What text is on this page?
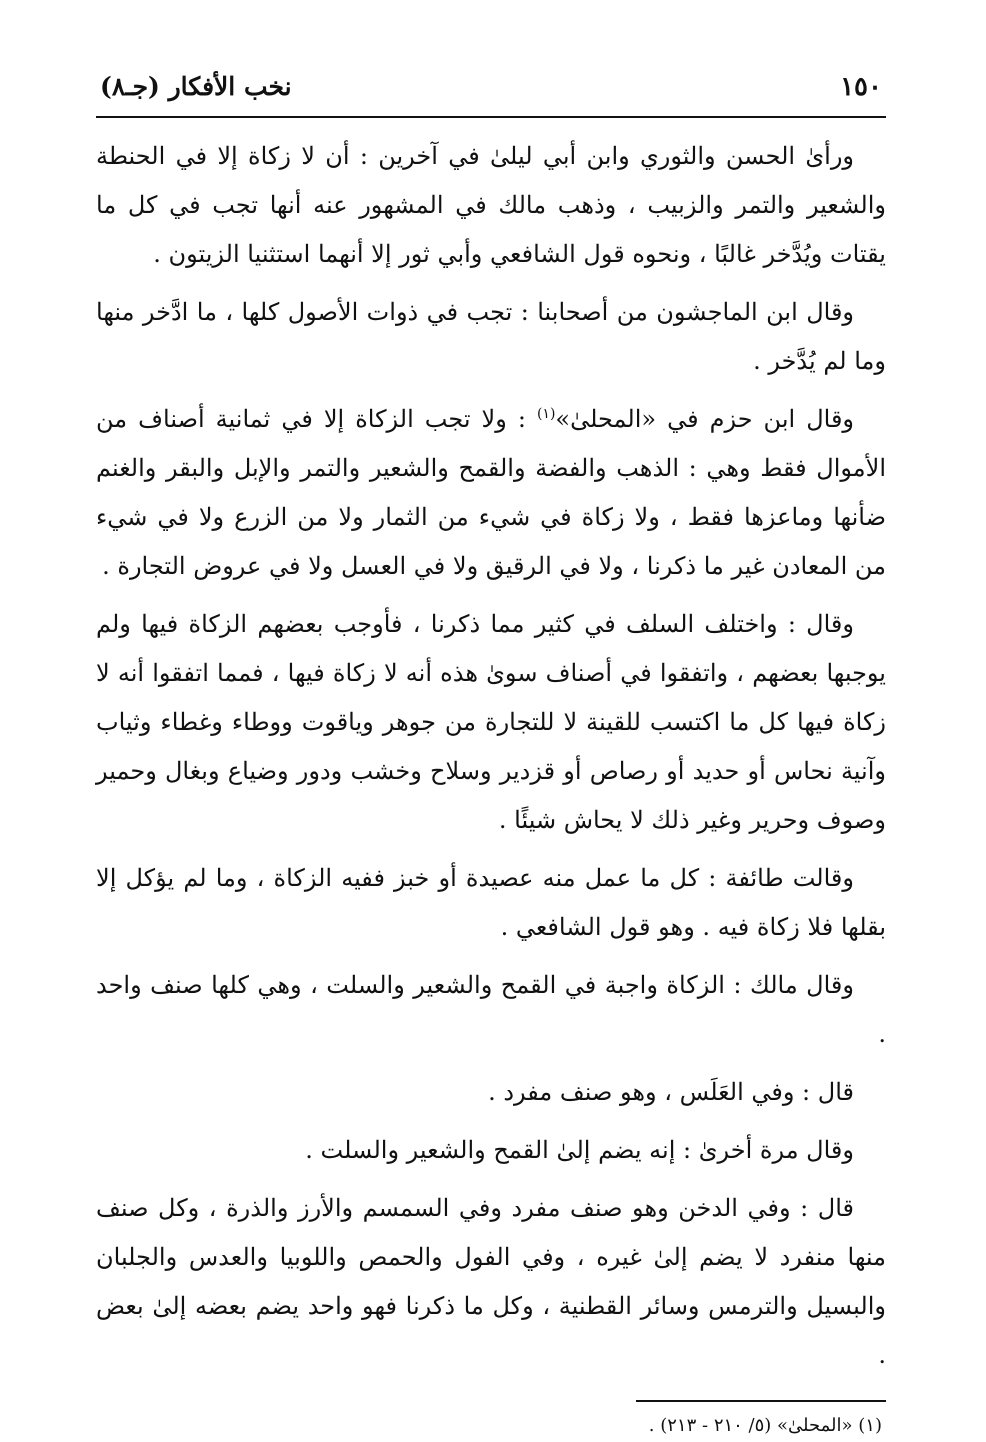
١٥٠
نخب الأفكار (جـ٨)

ورأىٰ الحسن والثوري وابن أبي ليلىٰ في آخرين : أن لا زكاة إلا في الحنطة والشعير والتمر والزبيب ، وذهب مالك في المشهور عنه أنها تجب في كل ما يقتات ويُدَّخر غالبًا ، ونحوه قول الشافعي وأبي ثور إلا أنهما استثنيا الزيتون .

وقال ابن الماجشون من أصحابنا : تجب في ذوات الأصول كلها ، ما ادَّخر منها وما لم يُدَّخر .

وقال ابن حزم في «المحلىٰ»$^{(١)}$ : ولا تجب الزكاة إلا في ثمانية أصناف من الأموال فقط وهي : الذهب والفضة والقمح والشعير والتمر والإبل والبقر والغنم ضأنها وماعزها فقط ، ولا زكاة في شيء من الثمار ولا من الزرع ولا في شيء من المعادن غير ما ذكرنا ، ولا في الرقيق ولا في العسل ولا في عروض التجارة .

وقال : واختلف السلف في كثير مما ذكرنا ، فأوجب بعضهم الزكاة فيها ولم يوجبها بعضهم ، واتفقوا في أصناف سوىٰ هذه أنه لا زكاة فيها ، فمما اتفقوا أنه لا زكاة فيها كل ما اكتسب للقينة لا للتجارة من جوهر وياقوت ووطاء وغطاء وثياب وآنية نحاس أو حديد أو رصاص أو قزدير وسلاح وخشب ودور وضياع وبغال وحمير وصوف وحرير وغير ذلك لا يحاش شيئًا .

وقالت طائفة : كل ما عمل منه عصيدة أو خبز ففيه الزكاة ، وما لم يؤكل إلا بقلها فلا زكاة فيه . وهو قول الشافعي .

وقال مالك : الزكاة واجبة في القمح والشعير والسلت ، وهي كلها صنف واحد .

قال : وفي العَلَس ، وهو صنف مفرد .

وقال مرة أخرىٰ : إنه يضم إلىٰ القمح والشعير والسلت .

قال : وفي الدخن وهو صنف مفرد وفي السمسم والأرز والذرة ، وكل صنف منها منفرد لا يضم إلىٰ غيره ، وفي الفول والحمص واللوبيا والعدس والجلبان والبسيل والترمس وسائر القطنية ، وكل ما ذكرنا فهو واحد يضم بعضه إلىٰ بعض .

(١) «المحلىٰ» (٥/ ٢١٠ - ٢١٣) .
